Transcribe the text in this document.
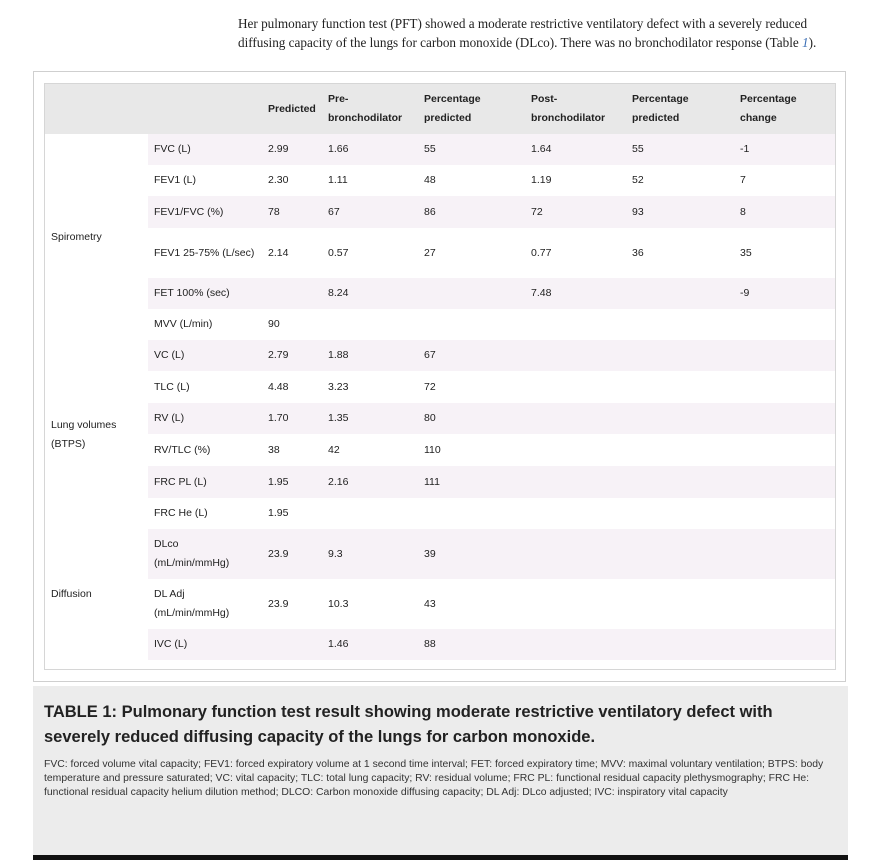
Her pulmonary function test (PFT) showed a moderate restrictive ventilatory defect with a severely reduced diffusing capacity of the lungs for carbon monoxide (DLco). There was no bronchodilator response (Table 1).
		Predicted	Pre-bronchodilator	Percentage predicted	Post-bronchodilator	Percentage predicted	Percentage change
Spirometry	FVC (L)	2.99	1.66	55	1.64	55	-1
	FEV1 (L)	2.30	1.11	48	1.19	52	7
	FEV1/FVC (%)	78	67	86	72	93	8
	FEV1 25-75% (L/sec)	2.14	0.57	27	0.77	36	35
	FET 100% (sec)		8.24		7.48		-9
	MVV (L/min)	90					
Lung volumes (BTPS)	VC (L)	2.79	1.88	67			
	TLC (L)	4.48	3.23	72			
	RV (L)	1.70	1.35	80			
	RV/TLC (%)	38	42	110			
	FRC PL (L)	1.95	2.16	111			
	FRC He (L)	1.95					
Diffusion	DLco (mL/min/mmHg)	23.9	9.3	39			
	DL Adj (mL/min/mmHg)	23.9	10.3	43			
	IVC (L)		1.46	88			
TABLE 1: Pulmonary function test result showing moderate restrictive ventilatory defect with severely reduced diffusing capacity of the lungs for carbon monoxide.
FVC: forced volume vital capacity; FEV1: forced expiratory volume at 1 second time interval; FET: forced expiratory time; MVV: maximal voluntary ventilation; BTPS: body temperature and pressure saturated; VC: vital capacity; TLC: total lung capacity; RV: residual volume; FRC PL: functional residual capacity plethysmography; FRC He: functional residual capacity helium dilution method; DLCO: Carbon monoxide diffusing capacity; DL Adj: DLco adjusted; IVC: inspiratory vital capacity
